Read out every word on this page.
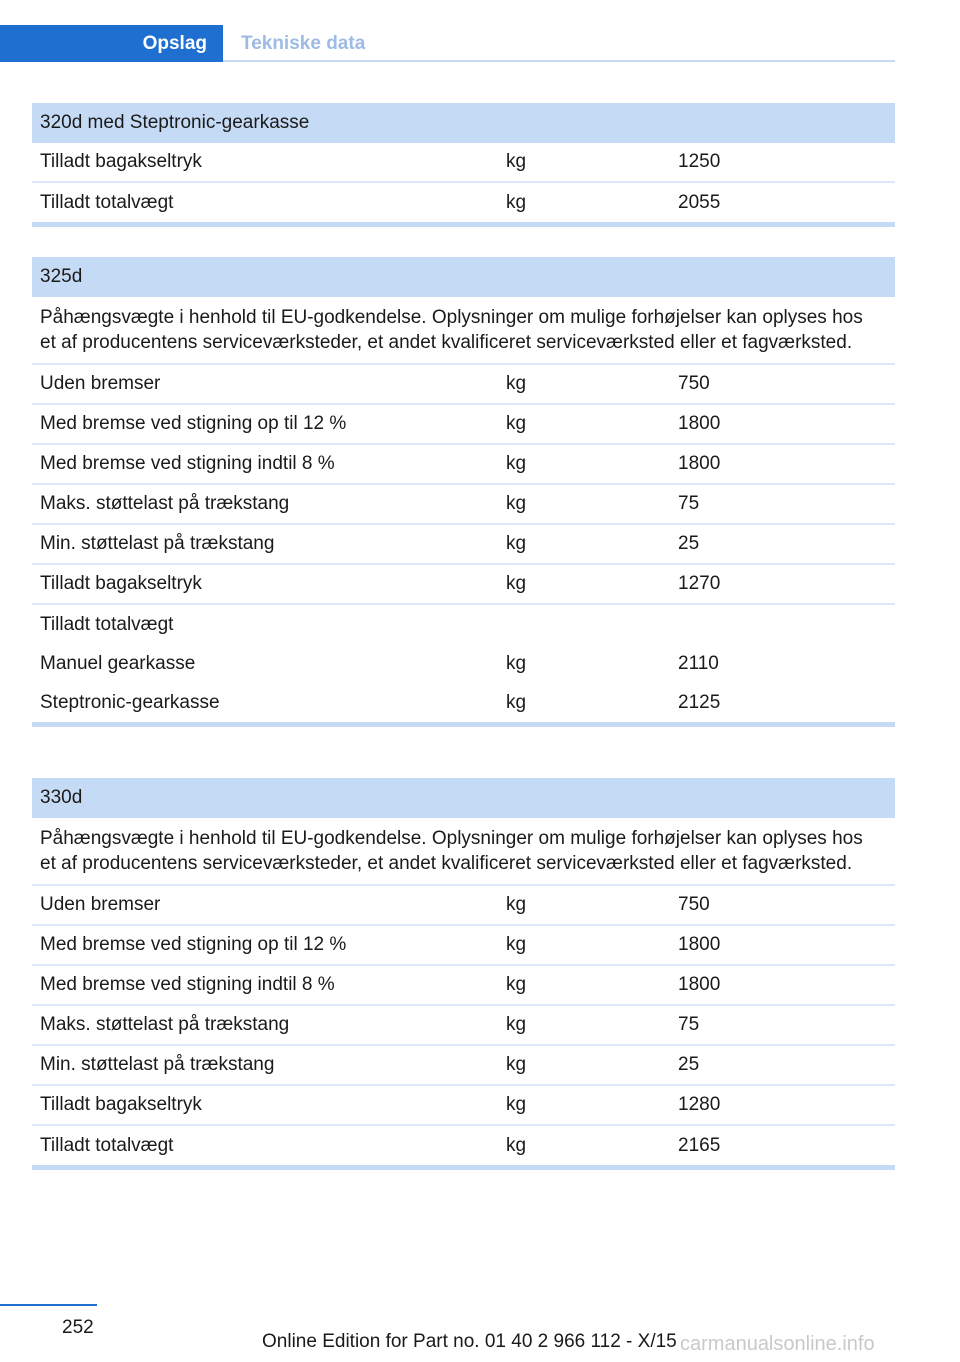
Opslag	Tekniske data
320d med Steptronic-gearkasse
Tilladt bagakseltryk	kg	1250
Tilladt totalvægt	kg	2055
325d
Påhængsvægte i henhold til EU-godkendelse. Oplysninger om mulige forhøjelser kan oplyses hos et af producentens serviceværksteder, et andet kvalificeret serviceværksted eller et fagværksted.
Uden bremser	kg	750
Med bremse ved stigning op til 12 %	kg	1800
Med bremse ved stigning indtil 8 %	kg	1800
Maks. støttelast på trækstang	kg	75
Min. støttelast på trækstang	kg	25
Tilladt bagakseltryk	kg	1270
Tilladt totalvægt
Manuel gearkasse	kg	2110
Steptronic-gearkasse	kg	2125
330d
Påhængsvægte i henhold til EU-godkendelse. Oplysninger om mulige forhøjelser kan oplyses hos et af producentens serviceværksteder, et andet kvalificeret serviceværksted eller et fagværksted.
Uden bremser	kg	750
Med bremse ved stigning op til 12 %	kg	1800
Med bremse ved stigning indtil 8 %	kg	1800
Maks. støttelast på trækstang	kg	75
Min. støttelast på trækstang	kg	25
Tilladt bagakseltryk	kg	1280
Tilladt totalvægt	kg	2165
252
Online Edition for Part no. 01 40 2 966 112 - X/15 carmanualsonline.info
